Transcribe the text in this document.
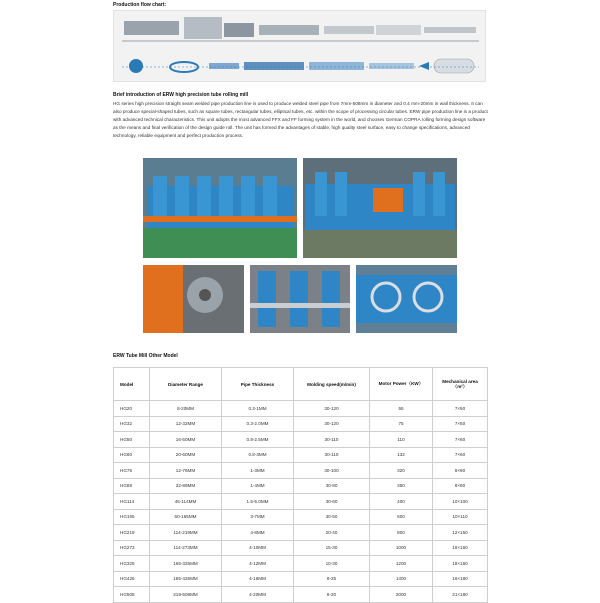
Production flow chart:
Brief introduction of ERW high precision tube rolling mill
HG series high precision straight seam welded pipe production line is used to produce welded steel pipe from 7mm-508mm in diameter and 0.4 mm-20mm in wall thickness. It can also produce special-shaped tubes, such as square tubes, rectangular tubes, elliptical tubes, etc. within the scope of processing circular tubes. ERW pipe production line is a product with advanced technical characteristics. This unit adopts the most advanced FFX and FF forming system in the world, and chooses German COPRA rolling forming design software as the means and final verification of the design guide roll. The unit has formed the advantages of stable, high quality steel surface, easy to change specifications, advanced technology, reliable equipment and perfect production process.
ERW Tube Mill Other Model
Model	Diameter Range	Pipe Thickness	Molding speed(m/min)	Motor Power（KW）	Mechanical area
（m²）

HG20	8-20MM	0.3-1MM	30-120	55	7×50
HG32	12-32MM	0.3-2.0MM	30-120	75	7×50
HG50	16-50MM	0.8-2.5MM	30-110	110	7×60
HG60	20-60MM	0.8-3MM	30-110	132	7×60
HG76	12-76MM	1-3MM	30-100	320	8×80
HG89	32-89MM	1-4MM	30-80	350	8×80
HG114	45-114MM	1.5-5.0MM	30-60	400	10×100
HG165	60-165MM	3-7MM	30-50	600	10×110
HG219	114-219MM	4-8MM	20-40	800	12×150
HG273	114-273MM	4-10MM	15-30	1000	16×160
HG325	165-325MM	4-12MM	10-30	1200	18×160
HG426	165-426MM	4-16MM	8-25	1400	16×180
HG508	219-508MM	4-20MM	8-20	2000	21×180
